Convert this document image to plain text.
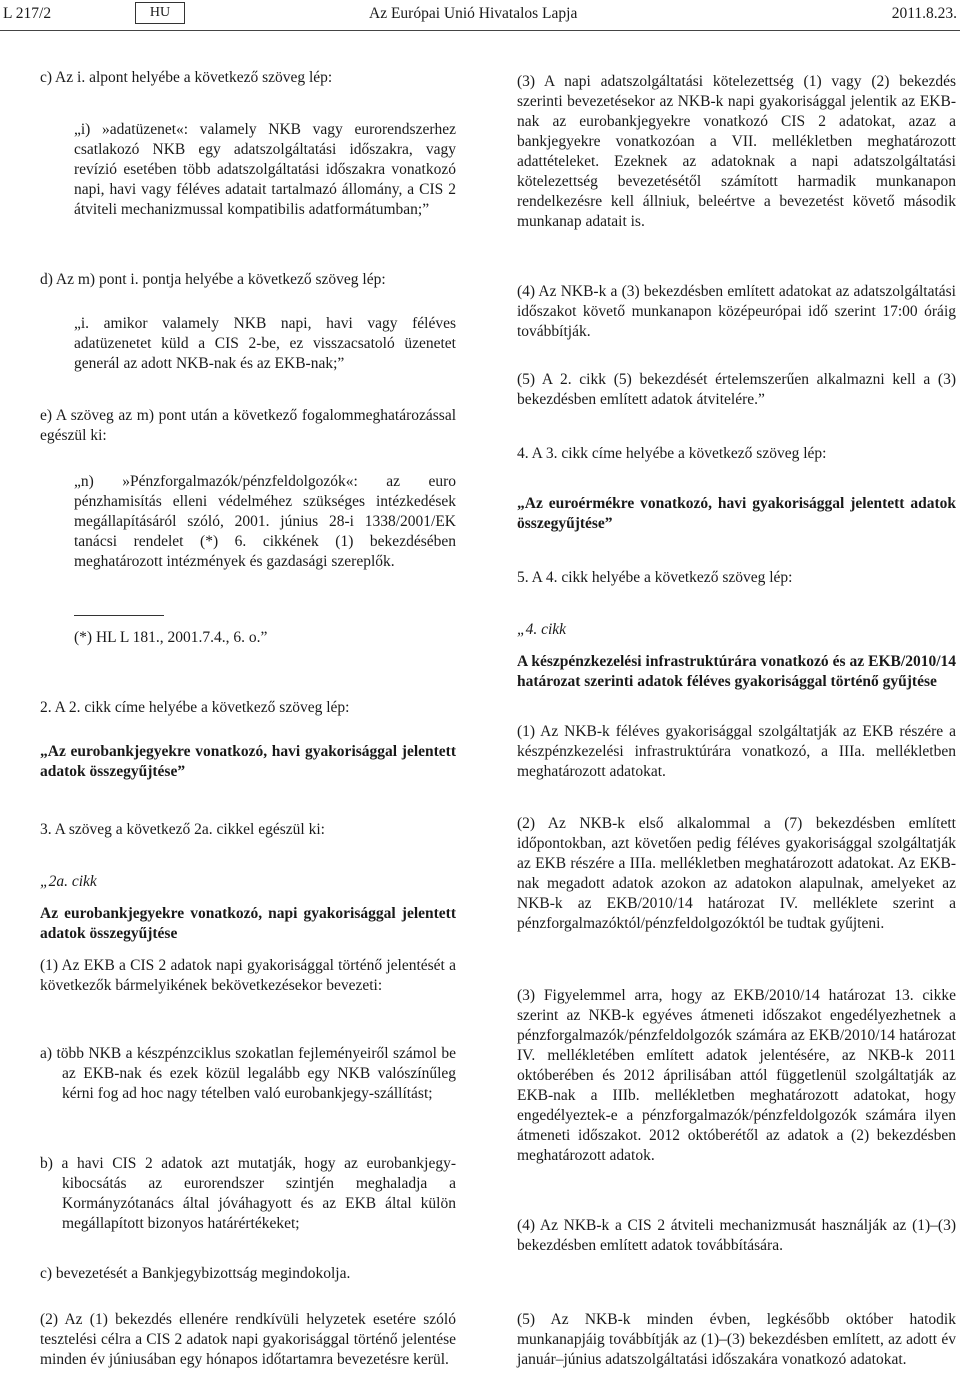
L 217/2	HU	Az Európai Unió Hivatalos Lapja	2011.8.23.

c) Az i. alpont helyébe a következő szöveg lép:

„i) »adatüzenet«: valamely NKB vagy eurorendszerhez csatlakozó NKB egy adatszolgáltatási időszakra, vagy revízió esetében több adatszolgáltatási időszakra vonatkozó napi, havi vagy féléves adatait tartalmazó állomány, a CIS 2 átviteli mechanizmussal kompatibilis adatformátumban;”

d) Az m) pont i. pontja helyébe a következő szöveg lép:

„i. amikor valamely NKB napi, havi vagy féléves adatüzenetet küld a CIS 2-be, ez visszacsatoló üzenetet generál az adott NKB-nak és az EKB-nak;”

e) A szöveg az m) pont után a következő fogalommeghatározással egészül ki:

„n) »Pénzforgalmazók/pénzfeldolgozók«: az euro pénzhamisítás elleni védelméhez szükséges intézkedések megállapításáról szóló, 2001. június 28-i 1338/2001/EK tanácsi rendelet (*) 6. cikkének (1) bekezdésében meghatározott intézmények és gazdasági szereplők.

(*) HL L 181., 2001.7.4., 6. o.”

2. A 2. cikk címe helyébe a következő szöveg lép:

„Az eurobankjegyekre vonatkozó, havi gyakorisággal jelentett adatok összegyűjtése”

3. A szöveg a következő 2a. cikkel egészül ki:

„2a. cikk

Az eurobankjegyekre vonatkozó, napi gyakorisággal jelentett adatok összegyűjtése

(1) Az EKB a CIS 2 adatok napi gyakorisággal történő jelentését a következők bármelyikének bekövetkezésekor bevezeti:

a) több NKB a készpénzciklus szokatlan fejleményeiről számol be az EKB-nak és ezek közül legalább egy NKB valószínűleg kérni fog ad hoc nagy tételben való eurobankjegy-szállítást;

b) a havi CIS 2 adatok azt mutatják, hogy az eurobankjegy-kibocsátás az eurorendszer szintjén meghaladja a Kormányzótanács által jóváhagyott és az EKB által külön megállapított bizonyos határértékeket;

c) bevezetését a Bankjegybizottság megindokolja.

(2) Az (1) bekezdés ellenére rendkívüli helyzetek esetére szóló tesztelési célra a CIS 2 adatok napi gyakorisággal történő jelentése minden év júniusában egy hónapos időtartamra bevezetésre kerül.

(3) A napi adatszolgáltatási kötelezettség (1) vagy (2) bekezdés szerinti bevezetésekor az NKB-k napi gyakorisággal jelentik az EKB-nak az eurobankjegyekre vonatkozó CIS 2 adatokat, azaz a bankjegyekre vonatkozóan a VII. mellékletben meghatározott adattételeket. Ezeknek az adatoknak a napi adatszolgáltatási kötelezettség bevezetésétől számított harmadik munkanapon rendelkezésre kell állniuk, beleértve a bevezetést követő második munkanap adatait is.

(4) Az NKB-k a (3) bekezdésben említett adatokat az adatszolgáltatási időszakot követő munkanapon középeurópai idő szerint 17:00 óráig továbbítják.

(5) A 2. cikk (5) bekezdését értelemszerűen alkalmazni kell a (3) bekezdésben említett adatok átvitelére.”

4. A 3. cikk címe helyébe a következő szöveg lép:

„Az euroérmékre vonatkozó, havi gyakorisággal jelentett adatok összegyűjtése”

5. A 4. cikk helyébe a következő szöveg lép:

„4. cikk

A készpénzkezelési infrastruktúrára vonatkozó és az EKB/2010/14 határozat szerinti adatok féléves gyakorisággal történő gyűjtése

(1) Az NKB-k féléves gyakorisággal szolgáltatják az EKB részére a készpénzkezelési infrastruktúrára vonatkozó, a IIIa. mellékletben meghatározott adatokat.

(2) Az NKB-k első alkalommal a (7) bekezdésben említett időpontokban, azt követően pedig féléves gyakorisággal szolgáltatják az EKB részére a IIIa. mellékletben meghatározott adatokat. Az EKB-nak megadott adatok azokon az adatokon alapulnak, amelyeket az NKB-k az EKB/2010/14 határozat IV. melléklete szerint a pénzforgalmazóktól/pénzfeldolgozóktól be tudtak gyűjteni.

(3) Figyelemmel arra, hogy az EKB/2010/14 határozat 13. cikke szerint az NKB-k egyéves átmeneti időszakot engedélyezhetnek a pénzforgalmazók/pénzfeldolgozók számára az EKB/2010/14 határozat IV. mellékletében említett adatok jelentésére, az NKB-k 2011 októberében és 2012 áprilisában attól függetlenül szolgáltatják az EKB-nak a IIIb. mellékletben meghatározott adatokat, hogy engedélyeztek-e a pénzforgalmazók/pénzfeldolgozók számára ilyen átmeneti időszakot. 2012 októberétől az adatok a (2) bekezdésben meghatározott adatok.

(4) Az NKB-k a CIS 2 átviteli mechanizmusát használják az (1)–(3) bekezdésben említett adatok továbbítására.

(5) Az NKB-k minden évben, legkésőbb október hatodik munkanapjáig továbbítják az (1)–(3) bekezdésben említett, az adott év január–június adatszolgáltatási időszakára vonatkozó adatokat.
